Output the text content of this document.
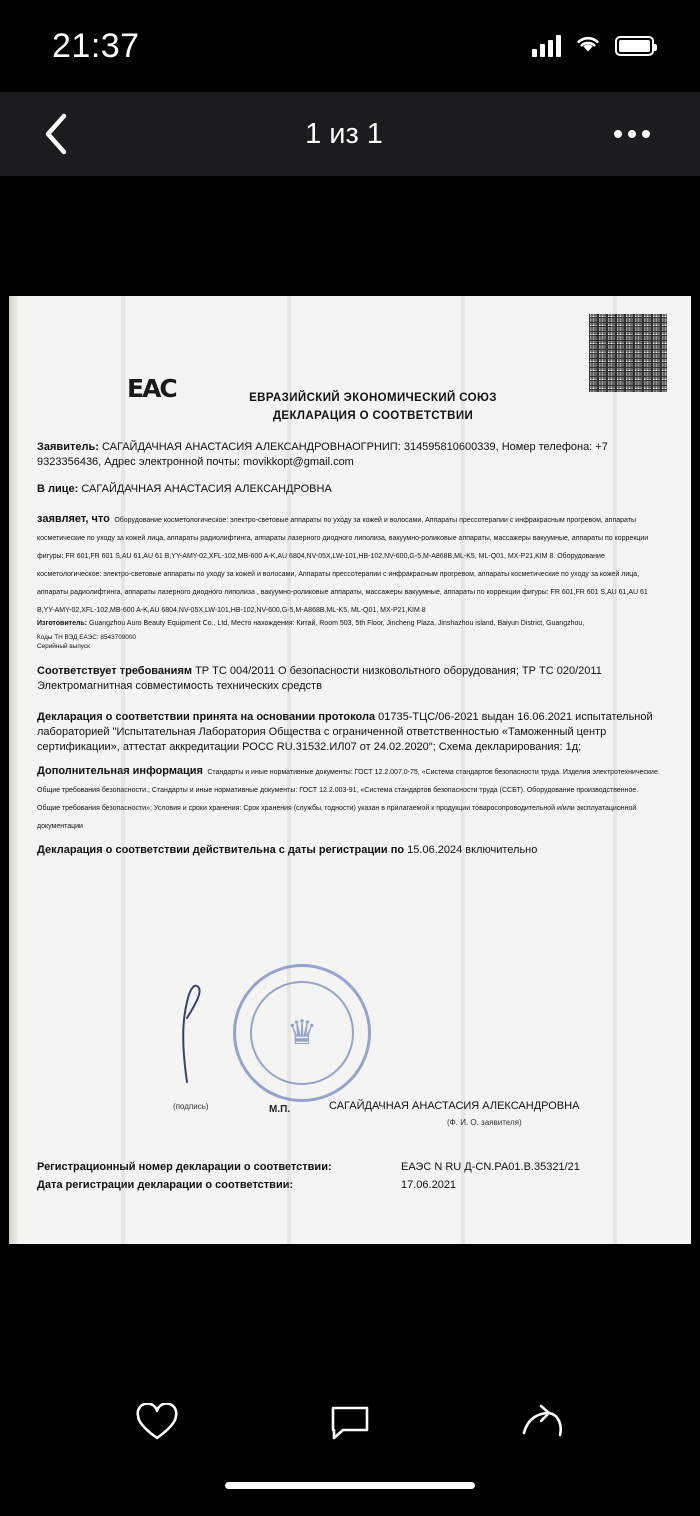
21:37
1 из 1
ЕAC	ЕВРАЗИЙСКИЙ ЭКОНОМИЧЕСКИЙ СОЮЗ
ДЕКЛАРАЦИЯ О СООТВЕТСТВИИ
Заявитель: САГАЙДАЧНАЯ АНАСТАСИЯ АЛЕКСАНДРОВНАОГРНИП: 314595810600339, Номер телефона: +7 9323356436, Адрес электронной почты: movikkopt@gmail.com
В лице: САГАЙДАЧНАЯ АНАСТАСИЯ АЛЕКСАНДРОВНА
заявляет, что Оборудование косметологическое: электро-световые аппараты по уходу за кожей и волосами, Аппараты прессотерапии с инфракрасным прогревом, аппараты косметические по уходу за кожей лица, аппараты радиолифтинга, аппараты лазерного диодного липолиза, вакуумно-роликовые аппараты, массажеры вакуумные, аппараты по коррекции фигуры: FR 601,FR 601 S,AU 61,AU 61 B,YY-AMY-02,XFL-102,MB-600 A-K,AU 6804,NV-05X,LW-101,HB-102,NV-600,G-5,M-A868B,ML-K5, ML-Q01, MX-P21,KIM 8. Оборудование косметологическое: электро-световые аппараты по уходу за кожей и волосами, Аппараты прессотерапии с инфракрасным прогревом, аппараты косметические по уходу за кожей лица, аппараты радиолифтинга, аппараты лазерного диодного липолиза , вакуумно-роликовые аппараты, массажеры вакуумные, аппараты по коррекции фигуры: FR 601,FR 601 S,AU 61,AU 61 B,YY-AMY-02,XFL-102,MB-600 A-K,AU 6804,NV-05X,LW-101,HB-102,NV-600,G-5,M-A868B,ML-K5, ML-Q01, MX-P21,KIM 8
Изготовитель: Guangzhou Auro Beauty Equipment Co., Ltd, Место нахождения: Китай, Room 503, 5th Floor, Jincheng Plaza, Jinshazhou island, Baiyun District, Guangzhou,
Коды ТН ВЭД ЕАЭС: 8543709000
Серийный выпуск
Соответствует требованиям ТР ТС 004/2011 О безопасности низковольтного оборудования; ТР ТС 020/2011 Электромагнитная совместимость технических средств
Декларация о соответствии принята на основании протокола 01735-ТЦС/06-2021 выдан 16.06.2021 испытательной лабораторией "Испытательная Лаборатория Общества с ограниченной ответственностью «Таможенный центр сертификации», аттестат аккредитации РОСС RU.31532.ИЛ07 от 24.02.2020"; Схема декларирования: 1д;
Дополнительная информация Стандарты и иные нормативные документы: ГОСТ 12.2.007.0-75, «Система стандартов безопасности труда. Изделия электротехнические. Общие требования безопасности.; Стандарты и иные нормативные документы: ГОСТ 12.2.003-91, «Система стандартов безопасности труда (ССБТ). Оборудование производственное. Общие требования безопасности»; Условия и сроки хранения: Срок хранения (службы, годности) указан в прилагаемой к продукции товаросопроводительной и/или эксплуатационной документации
Декларация о соответствии действительна с даты регистрации по 15.06.2024 включительно
♛
(подпись)	М.П.	САГАЙДАЧНАЯ АНАСТАСИЯ АЛЕКСАНДРОВНА
(Ф. И. О. заявителя)
Регистрационный номер декларации о соответствии:	ЕАЭС N RU Д-CN.РА01.В.35321/21
Дата регистрации декларации о соответствии:	17.06.2021
